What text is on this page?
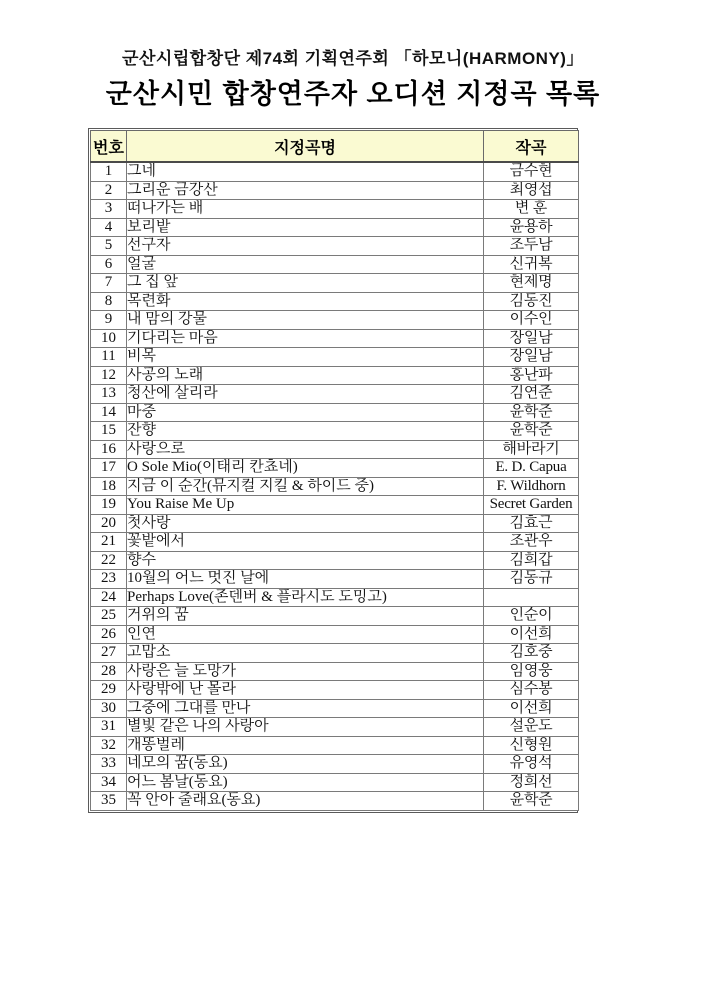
군산시립합창단 제74회 기획연주회 「하모니(HARMONY)」
군산시민 합창연주자 오디션 지정곡 목록
번호	지정곡명	작곡
1	그네	금수현
2	그리운 금강산	최영섭
3	떠나가는 배	변 훈
4	보리밭	윤용하
5	선구자	조두남
6	얼굴	신귀복
7	그 집 앞	현제명
8	목련화	김동진
9	내 맘의 강물	이수인
10	기다리는 마음	장일남
11	비목	장일남
12	사공의 노래	홍난파
13	청산에 살리라	김연준
14	마중	윤학준
15	잔향	윤학준
16	사랑으로	해바라기
17	O Sole Mio(이태리 칸쵸네)	E. D. Capua
18	지금 이 순간(뮤지컬 지킬 & 하이드 중)	F. Wildhorn
19	You Raise Me Up	Secret Garden
20	첫사랑	김효근
21	꽃밭에서	조관우
22	향수	김희갑
23	10월의 어느 멋진 날에	김동규
24	Perhaps Love(존덴버 & 플라시도 도밍고)	
25	거위의 꿈	인순이
26	인연	이선희
27	고맙소	김호중
28	사랑은 늘 도망가	임영웅
29	사랑밖에 난 몰라	심수봉
30	그중에 그대를 만나	이선희
31	별빛 같은 나의 사랑아	설운도
32	개똥벌레	신형원
33	네모의 꿈(동요)	유영석
34	어느 봄날(동요)	정희선
35	꼭 안아 줄래요(동요)	윤학준
